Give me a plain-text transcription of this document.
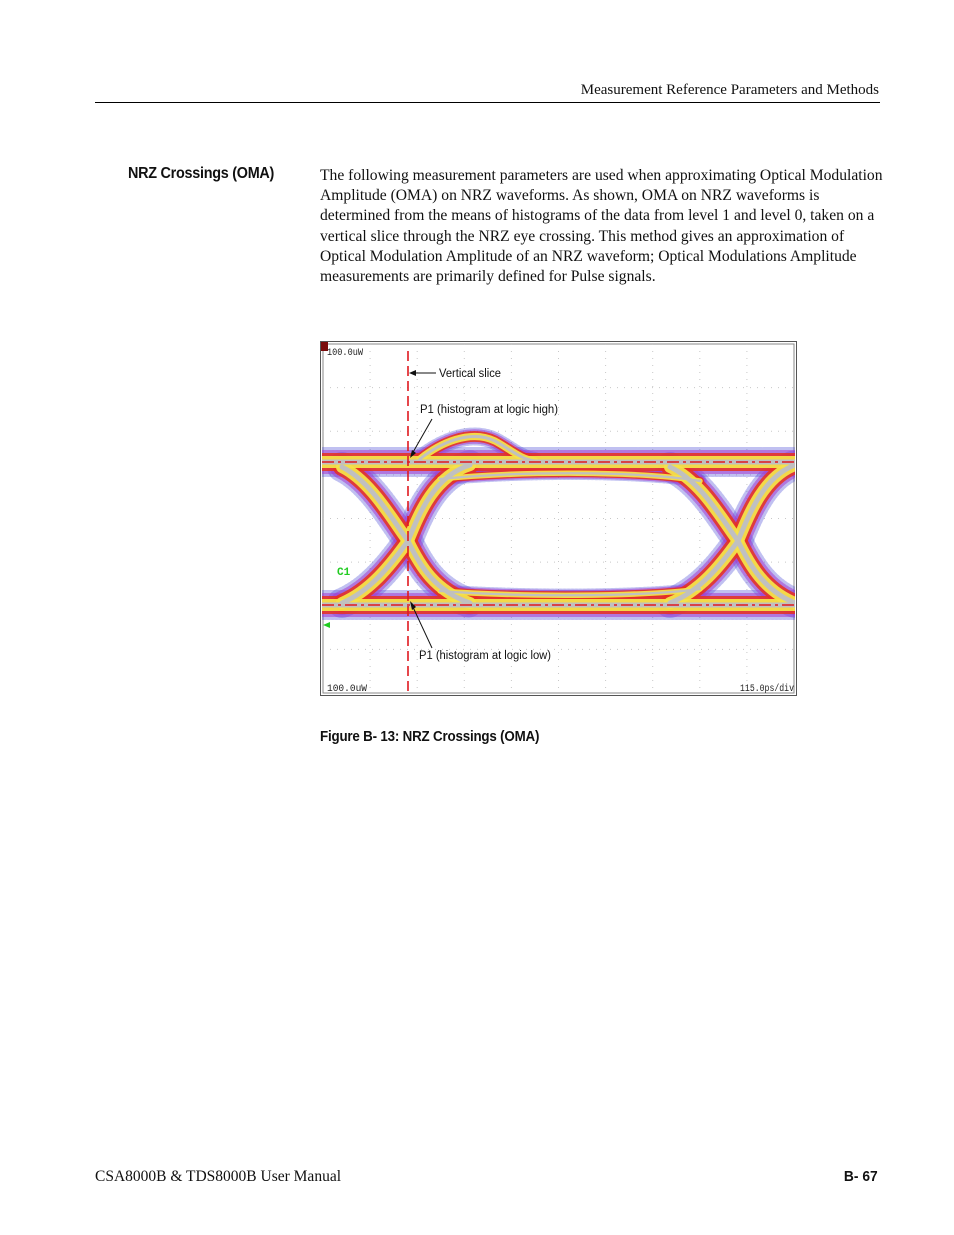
Measurement Reference Parameters and Methods
NRZ Crossings (OMA)	The following measurement parameters are used when approximating Optical Modulation Amplitude (OMA) on NRZ waveforms. As shown, OMA on NRZ waveforms is determined from the means of histograms of the data from level 1 and level 0, taken on a vertical slice through the NRZ eye crossing. This method gives an approximation of Optical Modulation Amplitude of an NRZ waveform; Optical Modulations Amplitude measurements are primarily defined for Pulse signals.

Vertical slice
P1 (histogram at logic high)
P1 (histogram at logic low)
100.0uW
100.0uW	115.0ps/div
C1
Figure B- 13: NRZ Crossings (OMA)
CSA8000B & TDS8000B User Manual	B- 67
